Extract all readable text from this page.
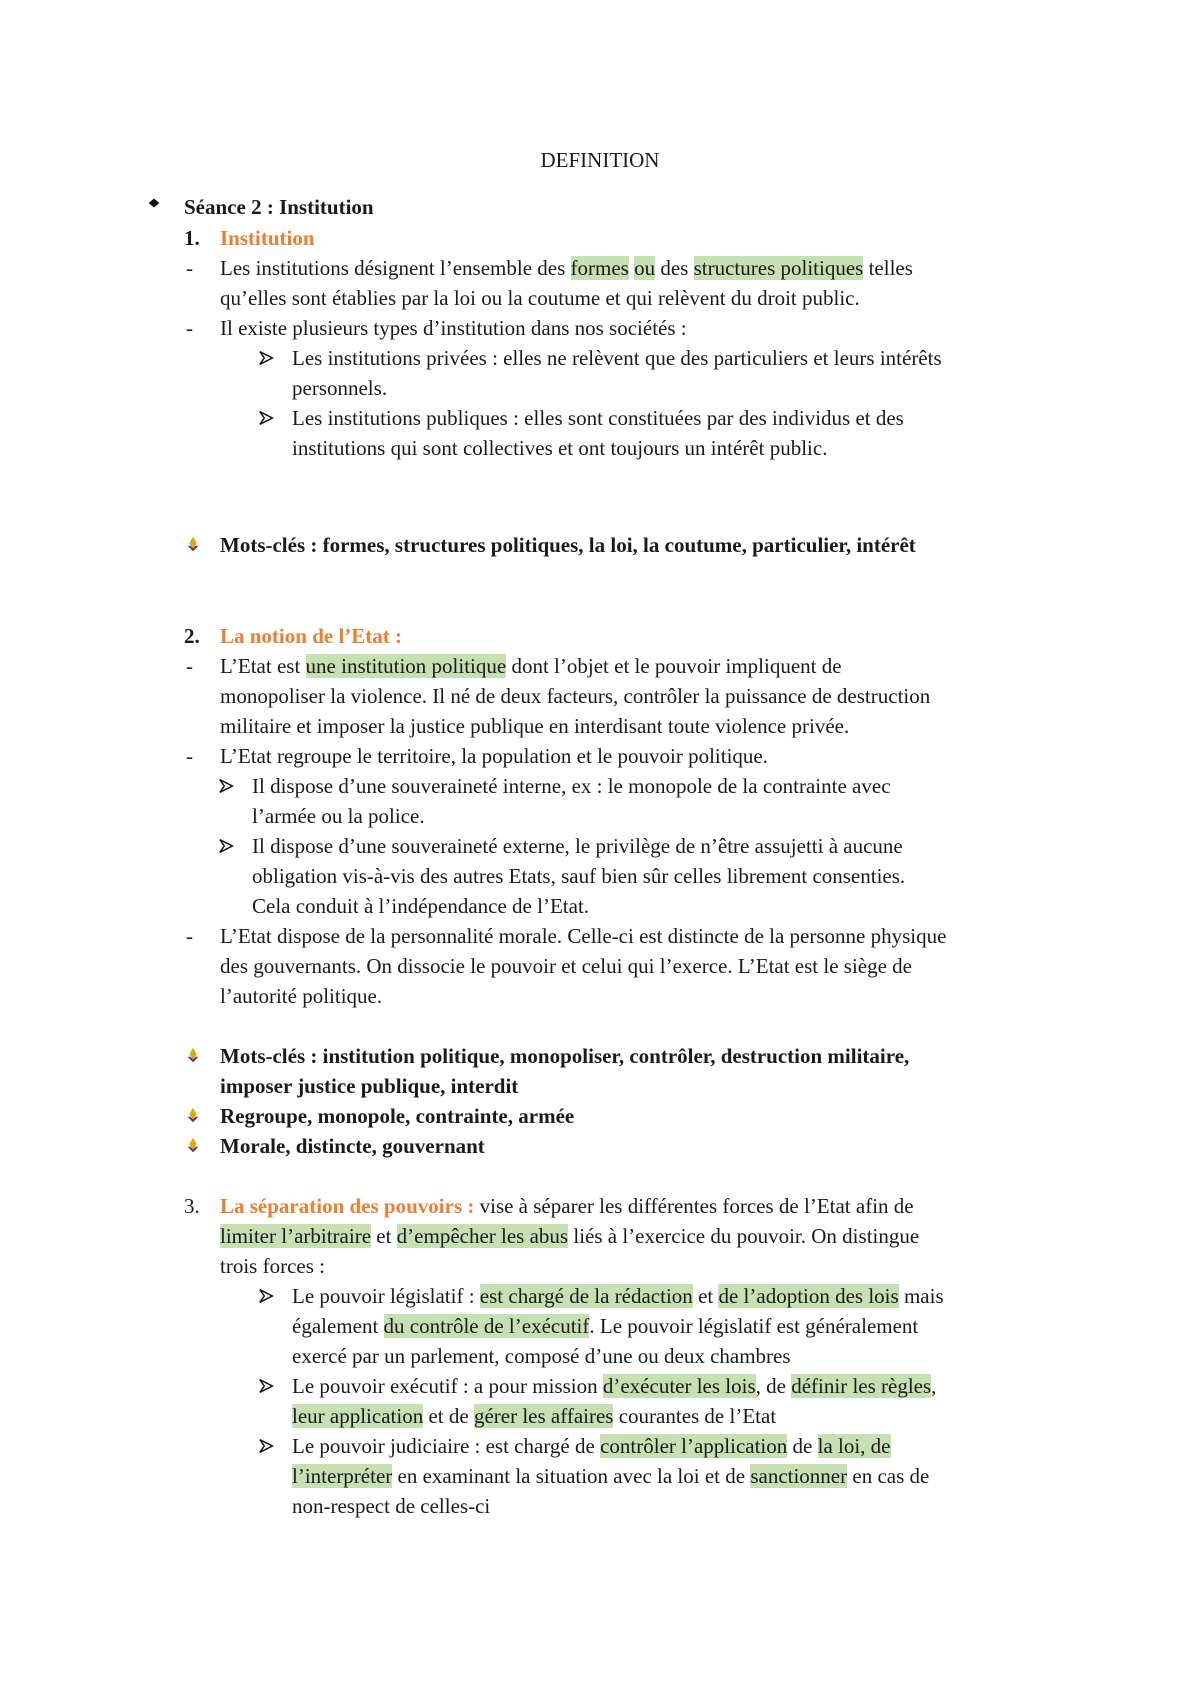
DEFINITION
Séance 2 : Institution
1. Institution
-	Les institutions désignent l’ensemble des formes ou des structures politiques telles
qu’elles sont établies par la loi ou la coutume et qui relèvent du droit public.
-	Il existe plusieurs types d’institution dans nos sociétés :
Les institutions privées : elles ne relèvent que des particuliers et leurs intérêts
personnels.
Les institutions publiques : elles sont constituées par des individus et des
institutions qui sont collectives et ont toujours un intérêt public.
Mots-clés : formes, structures politiques, la loi, la coutume, particulier, intérêt
2. La notion de l’Etat :
-	L’Etat est une institution politique dont l’objet et le pouvoir impliquent de
monopoliser la violence. Il né de deux facteurs, contrôler la puissance de destruction
militaire et imposer la justice publique en interdisant toute violence privée.
-	L’Etat regroupe le territoire, la population et le pouvoir politique.
Il dispose d’une souveraineté interne, ex : le monopole de la contrainte avec
l’armée ou la police.
Il dispose d’une souveraineté externe, le privilège de n’être assujetti à aucune
obligation vis-à-vis des autres Etats, sauf bien sûr celles librement consenties.
Cela conduit à l’indépendance de l’Etat.
-	L’Etat dispose de la personnalité morale. Celle-ci est distincte de la personne physique
des gouvernants. On dissocie le pouvoir et celui qui l’exerce. L’Etat est le siège de
l’autorité politique.
Mots-clés : institution politique, monopoliser, contrôler, destruction militaire,
imposer justice publique, interdit
Regroupe, monopole, contrainte, armée
Morale, distincte, gouvernant
3. La séparation des pouvoirs : vise à séparer les différentes forces de l’Etat afin de
limiter l’arbitraire et d’empêcher les abus liés à l’exercice du pouvoir. On distingue
trois forces :
Le pouvoir législatif : est chargé de la rédaction et de l’adoption des lois mais
également du contrôle de l’exécutif. Le pouvoir législatif est généralement
exercé par un parlement, composé d’une ou deux chambres
Le pouvoir exécutif : a pour mission d’exécuter les lois, de définir les règles,
leur application et de gérer les affaires courantes de l’Etat
Le pouvoir judiciaire : est chargé de contrôler l’application de la loi, de
l’interpréter en examinant la situation avec la loi et de sanctionner en cas de
non-respect de celles-ci
